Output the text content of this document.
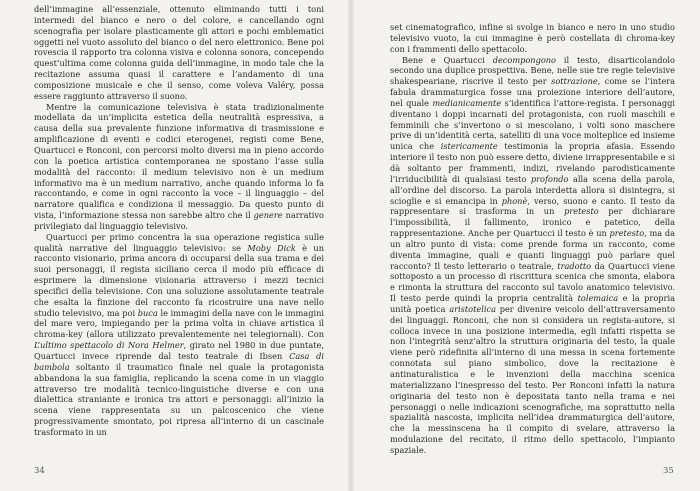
dell’immagine all’essenziale, ottenuto eliminando tutti i toni intermedi del bianco e nero o del colore, e cancellando ogni scenografia per isolare plasticamente gli attori e pochi emblematici oggetti nel vuoto assoluto del bianco o del nero elettronico. Bene poi rovescia il rapporto tra colonna visiva e colonna sonora, concependo quest’ultima come colonna guida dell’immagine, in modo tale che la recitazione assuma quasi il carattere e l’andamento di una composizione musicale e che il senso, come voleva Valéry, possa essere raggiunto attraverso il suono.

Mentre la comunicazione televisiva è stata tradizionalmente modellata da un’implicita estetica della neutralità espressiva, a causa della sua prevalente funzione informativa di trasmissione e amplificazione di eventi e codici eterogenei, registi come Bene, Quartucci e Ronconi, con percorsi molto diversi ma in pieno accordo con la poetica artistica contemporanea ne spostano l’asse sulla modalità del racconto: il medium televisivo non è un medium informativo ma è un medium narrativo, anche quando informa lo fa raccontando, e come in ogni racconto la voce – il linguaggio – del narratore qualifica e condiziona il messaggio. Da questo punto di vista, l’informazione stessa non sarebbe altro che il genere narrativo privilegiato dal linguaggio televisivo.

Quartucci per primo concentra la sua operazione registica sulle qualità narrative del linguaggio televisivo: se Moby Dick è un racconto visionario, prima ancora di occuparsi della sua trama e dei suoi personaggi, il regista siciliano cerca il modo più efficace di esprimere la dimensione visionaria attraverso i mezzi tecnici specifici della televisione. Con una soluzione assolutamente teatrale che esalta la finzione del racconto fa ricostruire una nave nello studio televisivo, ma poi buca le immagini della nave con le immagini del mare vero, impiegando per la prima volta in chiave artistica il chroma-key (allora utilizzato prevalentemente nei telegiornali). Con L’ultimo spettacolo di Nora Helmer, girato nel 1980 in due puntate, Quartucci invece riprende dal testo teatrale di Ibsen Casa di bambola soltanto il traumatico finale nel quale la protagonista abbandona la sua famiglia, replicando la scena come in un viaggio attraverso tre modalità tecnico-linguistiche diverse e con una dialettica straniante e ironica tra attori e personaggi: all’inizio la scena viene rappresentata su un palcoscenico che viene progressivamente smontato, poi ripresa all’interno di un cascinale trasformato in un

34

set cinematografico, infine si svolge in bianco e nero in uno studio televisivo vuoto, la cui immagine è però costellata di chroma-key con i frammenti dello spettacolo.

Bene e Quartucci decompongono il testo, disarticolandolo secondo una duplice prospettiva. Bene, nelle sue tre regie televisive shakespeariane, riscrive il testo per sottrazione, come se l’intera fabula drammaturgica fosse una proiezione interiore dell’autore, nel quale medianicamente s’identifica l’attore-regista. I personaggi diventano i doppi incarnati del protagonista, con ruoli maschili e femminili che s’invertono o si mescolano, i volti sono maschere prive di un’identità certa, satelliti di una voce molteplice ed insieme unica che istericamente testimonia la propria afasia. Essendo interiore il testo non può essere detto, diviene irrappresentabile e si dà soltanto per frammenti, indizi, rivelando parodisticamente l’irriducibilità di qualsiasi testo profondo alla scena della parola, all’ordine del discorso. La parola interdetta allora si disintegra, si scioglie e si emancipa in phonè, verso, suono e canto. Il testo da rappresentare si trasforma in un pretesto per dichiarare l’impossibilità, il fallimento, ironico e patetico, della rappresentazione. Anche per Quartucci il testo è un pretesto, ma da un altro punto di vista: come prende forma un racconto, come diventa immagine, quali e quanti linguaggi può parlare quel racconto? Il testo letterario o teatrale, tradotto da Quartucci viene sottoposto a un processo di riscrittura scenica che smonta, elabora e rimonta la struttura del racconto sul tavolo anatomico televisivo. Il testo perde quindi la propria centralità tolemaica e la propria unità poetica aristotelica per divenire veicolo dell’attraversamento dei linguaggi. Ronconi, che non si considera un regista-autore, si colloca invece in una posizione intermedia, egli infatti rispetta se non l’integrità senz’altro la struttura originaria del testo, la quale viene però ridefinita all’interno di una messa in scena fortemente connotata sul piano simbolico, dove la recitazione è antinaturalistica e le invenzioni della macchina scenica materializzano l’inespresso del testo. Per Ronconi infatti la natura originaria del testo non è depositata tanto nella trama e nei personaggi o nelle indicazioni scenografiche, ma soprattutto nella spazialità nascosta, implicita nell’idea drammaturgica dell’autore, che la messinscena ha il compito di svelare, attraverso la modulazione del recitato, il ritmo dello spettacolo, l’impianto spaziale.

35
